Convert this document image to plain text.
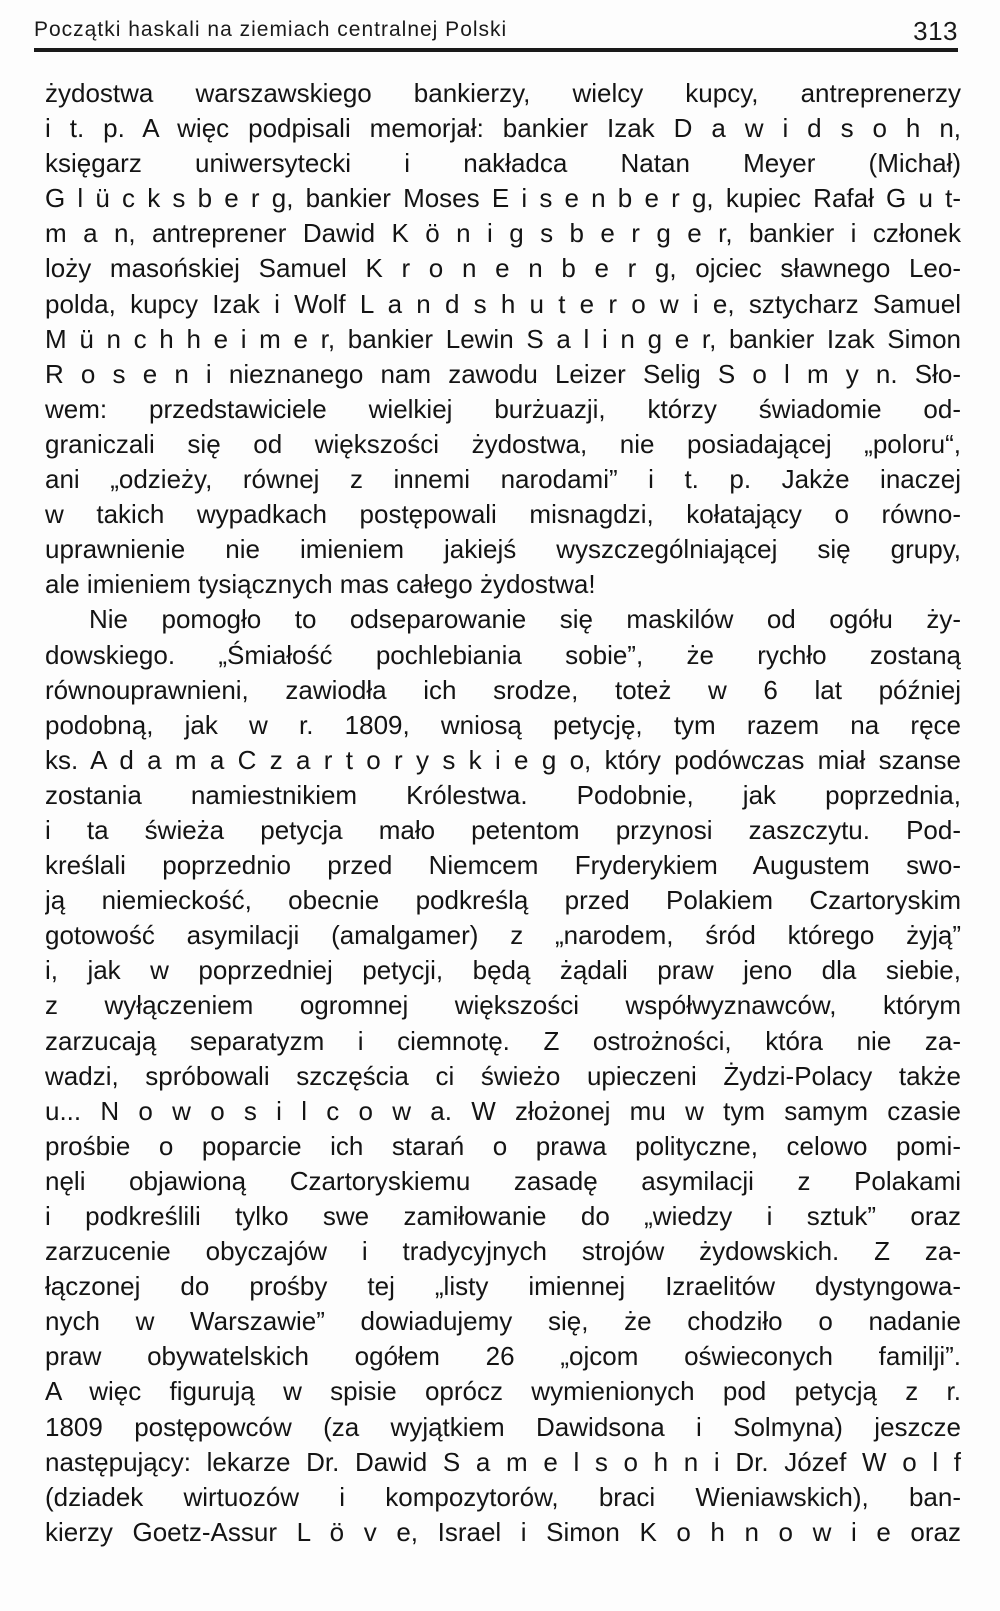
Początki haskali na ziemiach centralnej Polski	313
żydostwa warszawskiego bankierzy, wielcy kupcy, antreprenerzy
i t. p. A więc podpisali memorjał: bankier Izak D a w i d s o h n,
księgarz uniwersytecki i nakładca Natan Meyer (Michał)
G l ü c k s b e r g, bankier Moses E i s e n b e r g, kupiec Rafał G u t-
m a n, antreprener Dawid K ö n i g s b e r g e r, bankier i członek
loży masońskiej Samuel K r o n e n b e r g, ojciec sławnego Leo-
polda, kupcy Izak i Wolf L a n d s h u t e r o w i e, sztycharz Samuel
M ü n c h h e i m e r, bankier Lewin S a l i n g e r, bankier Izak Simon
R o s e n i nieznanego nam zawodu Leizer Selig S o l m y n. Sło-
wem: przedstawiciele wielkiej burżuazji, którzy świadomie od-
graniczali się od większości żydostwa, nie posiadającej „poloru“,
ani „odzieży, równej z innemi narodami” i t. p. Jakże inaczej
w takich wypadkach postępowali misnagdzi, kołatający o równo-
uprawnienie nie imieniem jakiejś wyszczególniającej się grupy,
ale imieniem tysiącznych mas całego żydostwa!
Nie pomogło to odseparowanie się maskilów od ogółu ży-
dowskiego. „Śmiałość pochlebiania sobie”, że rychło zostaną
równouprawnieni, zawiodła ich srodze, toteż w 6 lat później
podobną, jak w r. 1809, wniosą petycję, tym razem na ręce
ks. A d a m a C z a r t o r y s k i e g o, który podówczas miał szanse
zostania namiestnikiem Królestwa. Podobnie, jak poprzednia,
i ta świeża petycja mało petentom przynosi zaszczytu. Pod-
kreślali poprzednio przed Niemcem Fryderykiem Augustem swo-
ją niemieckość, obecnie podkreślą przed Polakiem Czartoryskim
gotowość asymilacji (amalgamer) z „narodem, śród którego żyją”
i, jak w poprzedniej petycji, będą żądali praw jeno dla siebie,
z wyłączeniem ogromnej większości współwyznawców, którym
zarzucają separatyzm i ciemnotę. Z ostrożności, która nie za-
wadzi, spróbowali szczęścia ci świeżo upieczeni Żydzi-Polacy także
u... N o w o s i l c o w a. W złożonej mu w tym samym czasie
prośbie o poparcie ich starań o prawa polityczne, celowo pomi-
nęli objawioną Czartoryskiemu zasadę asymilacji z Polakami
i podkreślili tylko swe zamiłowanie do „wiedzy i sztuk” oraz
zarzucenie obyczajów i tradycyjnych strojów żydowskich. Z za-
łączonej do prośby tej „listy imiennej Izraelitów dystyngowa-
nych w Warszawie” dowiadujemy się, że chodziło o nadanie
praw obywatelskich ogółem 26 „ojcom oświeconych familji”.
A więc figurują w spisie oprócz wymienionych pod petycją z r.
1809 postępowców (za wyjątkiem Dawidsona i Solmyna) jeszcze
następujący: lekarze Dr. Dawid S a m e l s o h n i Dr. Józef W o l f
(dziadek wirtuozów i kompozytorów, braci Wieniawskich), ban-
kierzy Goetz-Assur L ö v e, Israel i Simon K o h n o w i e oraz
